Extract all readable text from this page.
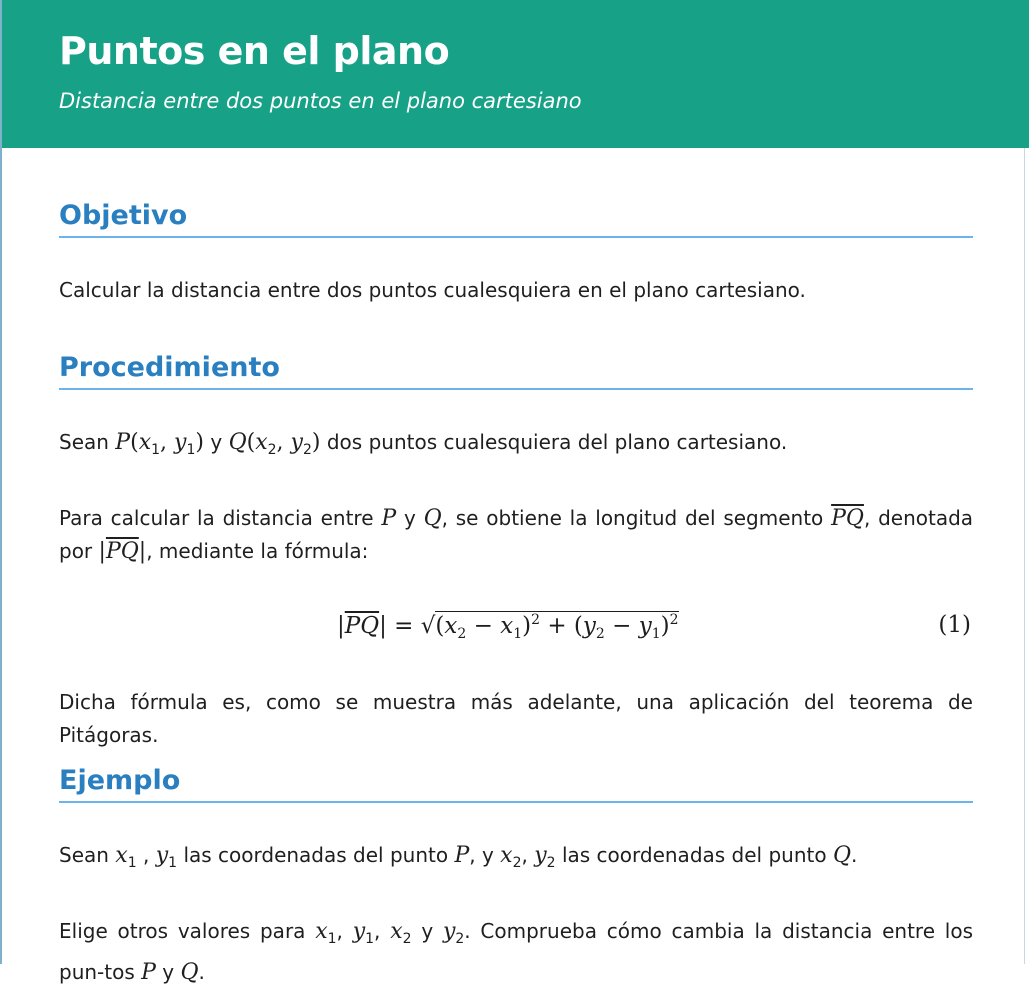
Puntos en el plano

Distancia entre dos puntos en el plano cartesiano

Objetivo

Calcular la distancia entre dos puntos cualesquiera en el plano cartesiano.

Procedimiento

Sean $P(x_1$, $y_1$) y $Q(x_2$, $y_2$) dos puntos cualesquiera del plano cartesiano.

Para calcular la distancia entre P y Q, se obtiene la longitud del segmento $\overline{PQ}$, denotada por $|\overline{PQ}|$, mediante la fórmula:

$|\overline{PQ}| = √(x_2 - x_1)^2 + (y_2 - y_1)^2$	(1)

Dicha fórmula es, como se muestra más adelante, una aplicación del teorema de Pitágoras.

Ejemplo

Sean $x_1$ , $y_1$ las coordenadas del punto P, y $x_2$, $y_2$ las coordenadas del punto Q.

Elige otros valores para $x_1$, $y_1$, $x_2$ y $y_2$. Comprueba cómo cambia la distancia entre los pun-tos P y Q.
